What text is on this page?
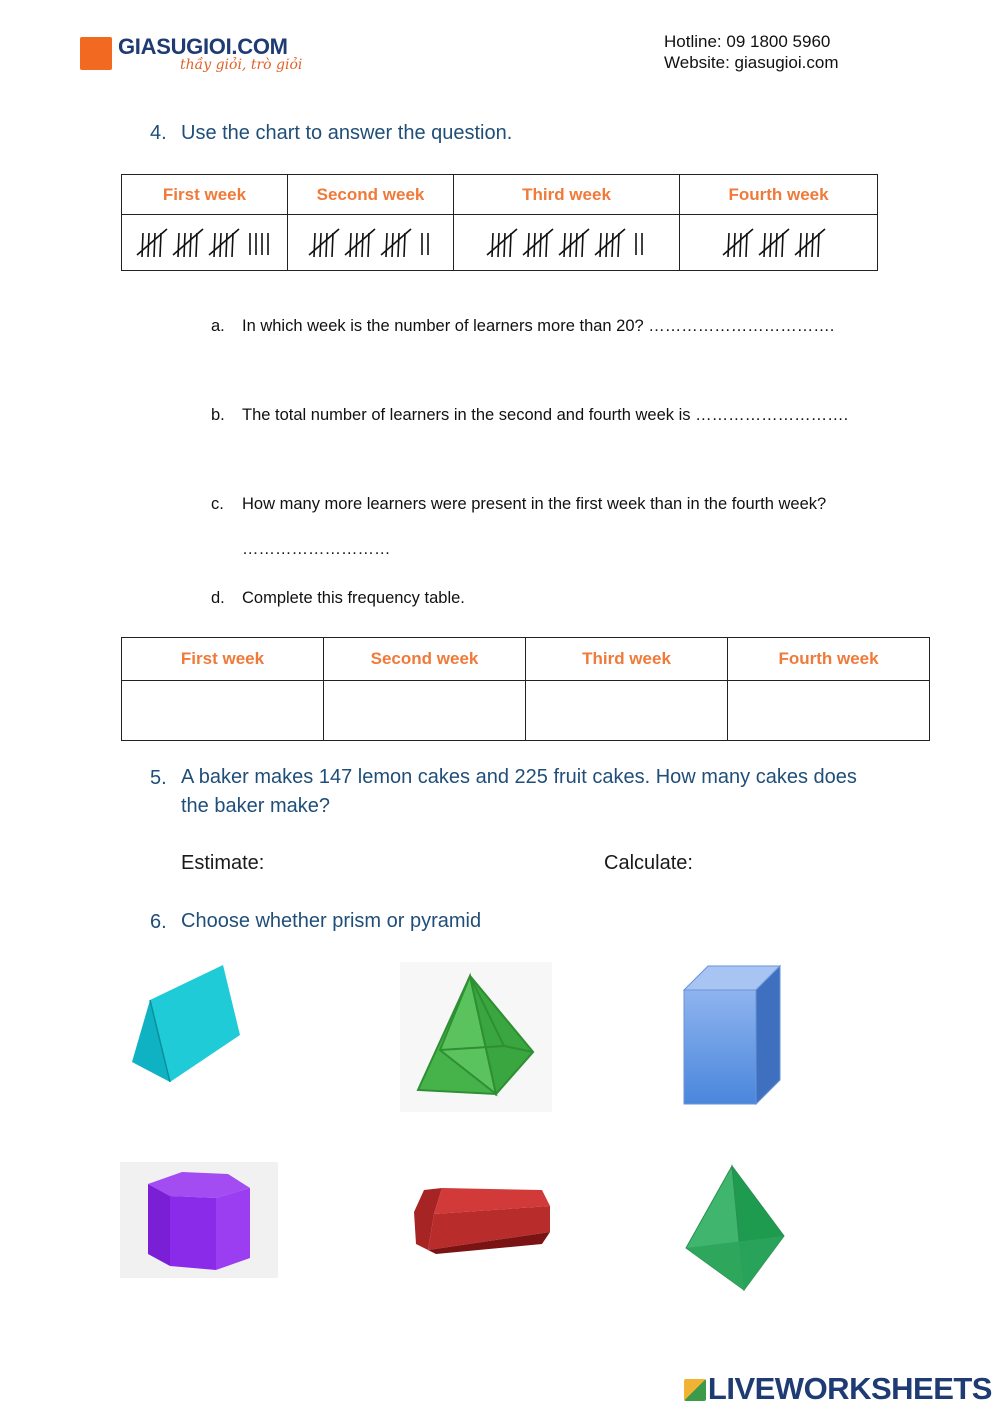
GIASUGIOI.COM
thầy giỏi, trò giỏi
Hotline: 09 1800 5960
Website: giasugioi.com
4. Use the chart to answer the question.
First week	Second week	Third week	Fourth week

a. In which week is the number of learners more than 20? …………………………….
b. The total number of learners in the second and fourth week is ……………………….
c. How many more learners were present in the first week than in the fourth week?
………………………
d. Complete this frequency table.
First week	Second week	Third week	Fourth week

5. A baker makes 147 lemon cakes and 225 fruit cakes. How many cakes does
the baker make?
Estimate:	Calculate:
6. Choose whether prism or pyramid
LIVEWORKSHEETS
